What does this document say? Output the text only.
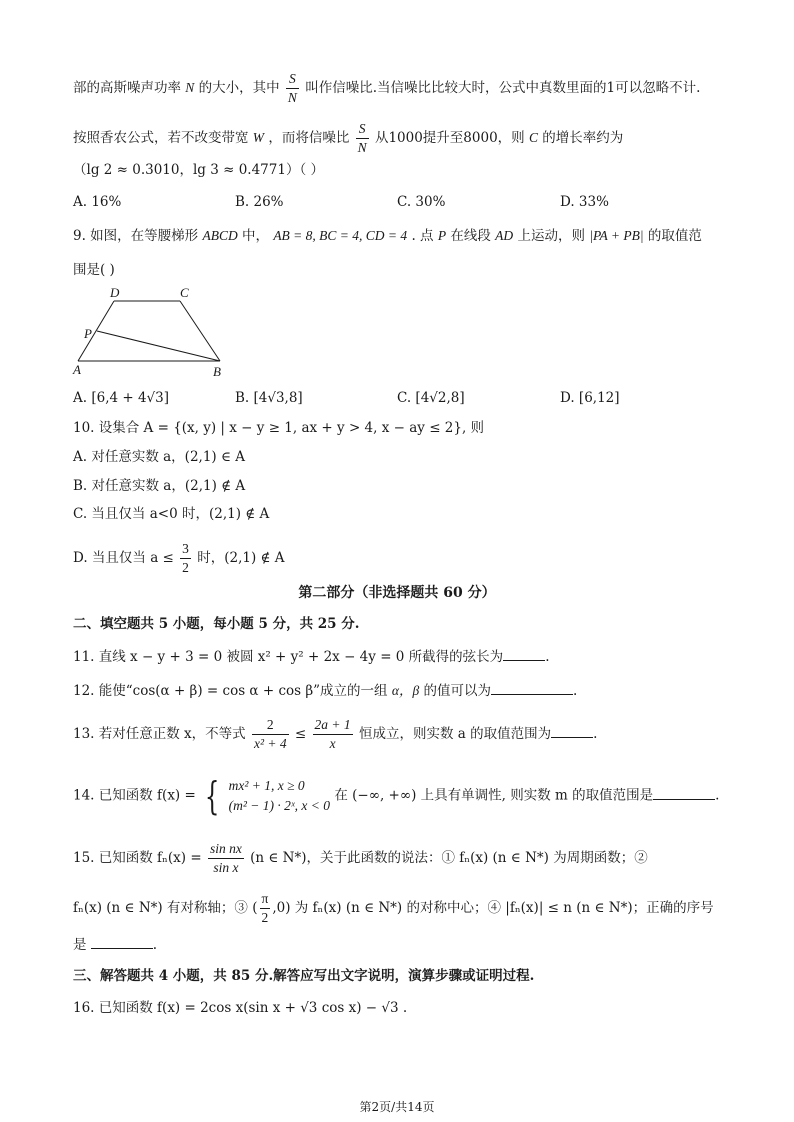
部的高斯噪声功率 N 的大小，其中 $\frac{S}{N}$ 叫作信噪比.当信噪比比较大时，公式中真数里面的1可以忽略不计.
按照香农公式，若不改变带宽 W ，而将信噪比 $\frac{S}{N}$ 从1000提升至8000，则 C 的增长率约为
（lg 2 ≈ 0.3010，lg 3 ≈ 0.4771）（ ）
A. 16%	B. 26%	C. 30%	D. 33%
9. 如图，在等腰梯形 ABCD 中， AB = 8, BC = 4, CD = 4 . 点 P 在线段 AD 上运动，则 |PA + PB| 的取值范
围是( )
D	C
P
A	B
A. [6,4 + 4√3]	B. [4√3,8]	C. [4√2,8]	D. [6,12]
10. 设集合 A = {(x, y) | x − y ≥ 1, ax + y > 4, x − ay ≤ 2}, 则
A. 对任意实数 a，(2,1) ∈ A
B. 对任意实数 a，(2,1) ∉ A
C. 当且仅当 a<0 时，(2,1) ∉ A
D. 当且仅当 $a \le \frac{3}{2}$ 时，(2,1) ∉ A
第二部分（非选择题共 60 分）
二、填空题共 5 小题，每小题 5 分，共 25 分.
11. 直线 x − y + 3 = 0 被圆 x² + y² + 2x − 4y = 0 所截得的弦长为	.
12. 能使“cos(α + β) = cos α + cos β”成立的一组 α，β 的值可以为	.
13. 若对任意正数 x，不等式 $\frac{2}{\text{x² + 4}} \le \frac{2a + 1}{x}$ 恒成立，则实数 a 的取值范围为	.
14. 已知函数 f(x) = { mx² + 1, x ≥ 0
(m² − 1) · 2ˣ, x < 0
在 (−∞, +∞) 上具有单调性, 则实数 m 的取值范围是	.
15. 已知函数 $f_n(x) = \frac{\text{sin nx}}{\text{sin x}} (n$ ∈ N*)，关于此函数的说法：① fₙ(x) (n ∈ N*) 为周期函数；②
fₙ(x) (n ∈ N*) 有对称轴；③ ( $\frac{\pi}{2} ,0$) 为 fₙ(x) (n ∈ N*) 的对称中心；④ |fₙ(x)| ≤ n (n ∈ N*)；正确的序号
是	.
三、解答题共 4 小题，共 85 分.解答应写出文字说明，演算步骤或证明过程.
16. 已知函数 f(x) = 2cos x(sin x + √3 cos x) − √3 .
第2页/共14页
